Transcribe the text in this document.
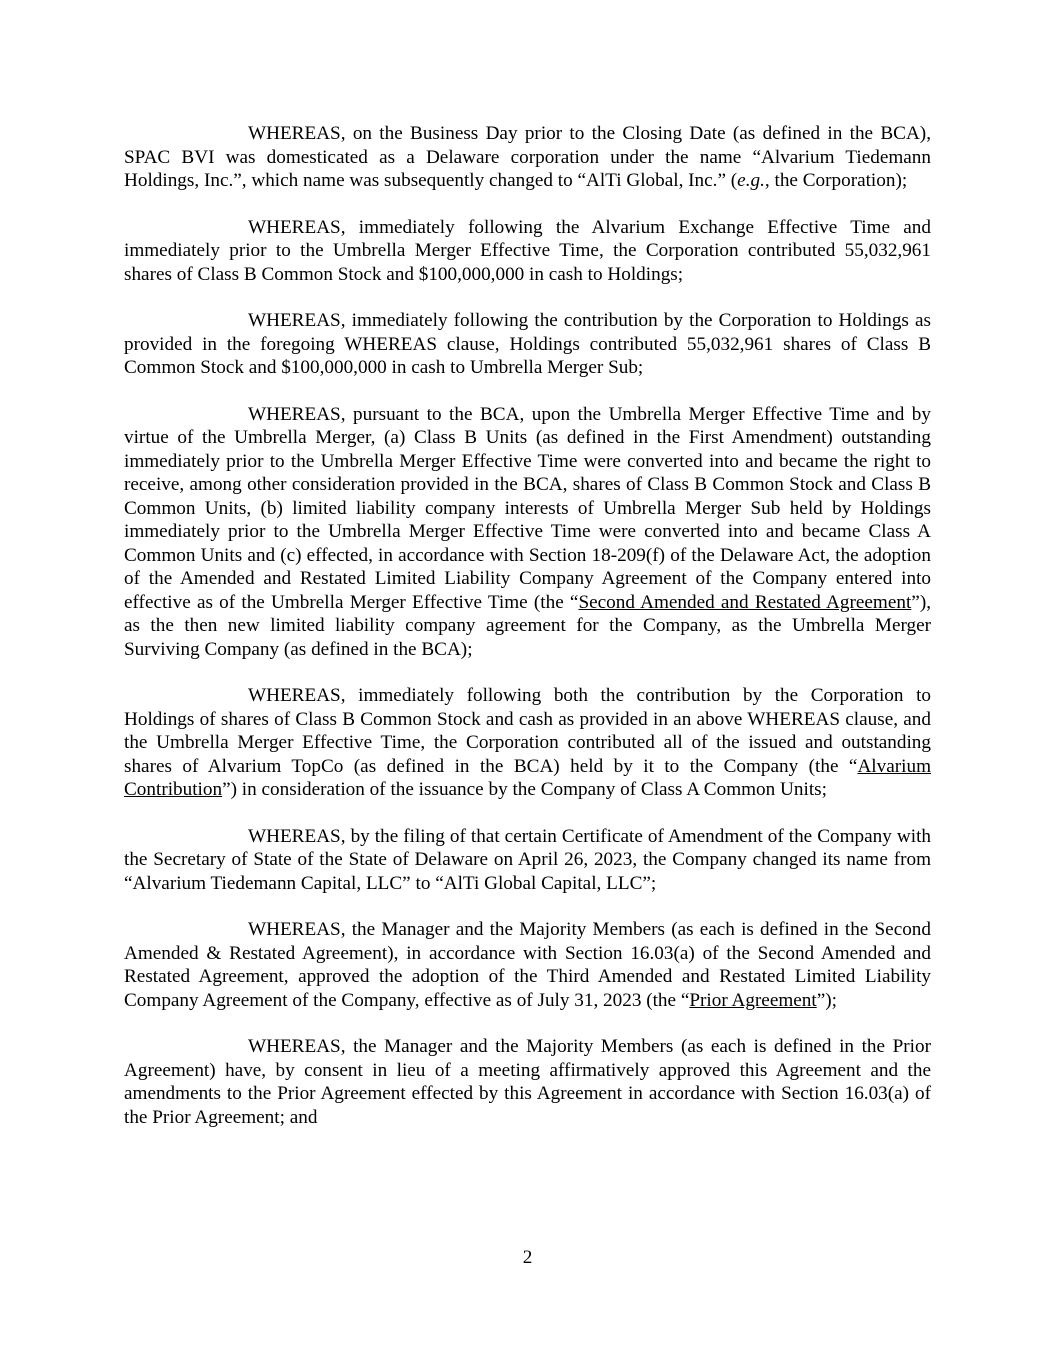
WHEREAS, on the Business Day prior to the Closing Date (as defined in the BCA), SPAC BVI was domesticated as a Delaware corporation under the name “Alvarium Tiedemann Holdings, Inc.”, which name was subsequently changed to “AlTi Global, Inc.” (e.g., the Corporation);

WHEREAS, immediately following the Alvarium Exchange Effective Time and immediately prior to the Umbrella Merger Effective Time, the Corporation contributed 55,032,961 shares of Class B Common Stock and $100,000,000 in cash to Holdings;

WHEREAS, immediately following the contribution by the Corporation to Holdings as provided in the foregoing WHEREAS clause, Holdings contributed 55,032,961 shares of Class B Common Stock and $100,000,000 in cash to Umbrella Merger Sub;

WHEREAS, pursuant to the BCA, upon the Umbrella Merger Effective Time and by virtue of the Umbrella Merger, (a) Class B Units (as defined in the First Amendment) outstanding immediately prior to the Umbrella Merger Effective Time were converted into and became the right to receive, among other consideration provided in the BCA, shares of Class B Common Stock and Class B Common Units, (b) limited liability company interests of Umbrella Merger Sub held by Holdings immediately prior to the Umbrella Merger Effective Time were converted into and became Class A Common Units and (c) effected, in accordance with Section 18-209(f) of the Delaware Act, the adoption of the Amended and Restated Limited Liability Company Agreement of the Company entered into effective as of the Umbrella Merger Effective Time (the “Second Amended and Restated Agreement”), as the then new limited liability company agreement for the Company, as the Umbrella Merger Surviving Company (as defined in the BCA);

WHEREAS, immediately following both the contribution by the Corporation to Holdings of shares of Class B Common Stock and cash as provided in an above WHEREAS clause, and the Umbrella Merger Effective Time, the Corporation contributed all of the issued and outstanding shares of Alvarium TopCo (as defined in the BCA) held by it to the Company (the “Alvarium Contribution”) in consideration of the issuance by the Company of Class A Common Units;

WHEREAS, by the filing of that certain Certificate of Amendment of the Company with the Secretary of State of the State of Delaware on April 26, 2023, the Company changed its name from “Alvarium Tiedemann Capital, LLC” to “AlTi Global Capital, LLC”;

WHEREAS, the Manager and the Majority Members (as each is defined in the Second Amended & Restated Agreement), in accordance with Section 16.03(a) of the Second Amended and Restated Agreement, approved the adoption of the Third Amended and Restated Limited Liability Company Agreement of the Company, effective as of July 31, 2023 (the “Prior Agreement”);

WHEREAS, the Manager and the Majority Members (as each is defined in the Prior Agreement) have, by consent in lieu of a meeting affirmatively approved this Agreement and the amendments to the Prior Agreement effected by this Agreement in accordance with Section 16.03(a) of the Prior Agreement; and

2
